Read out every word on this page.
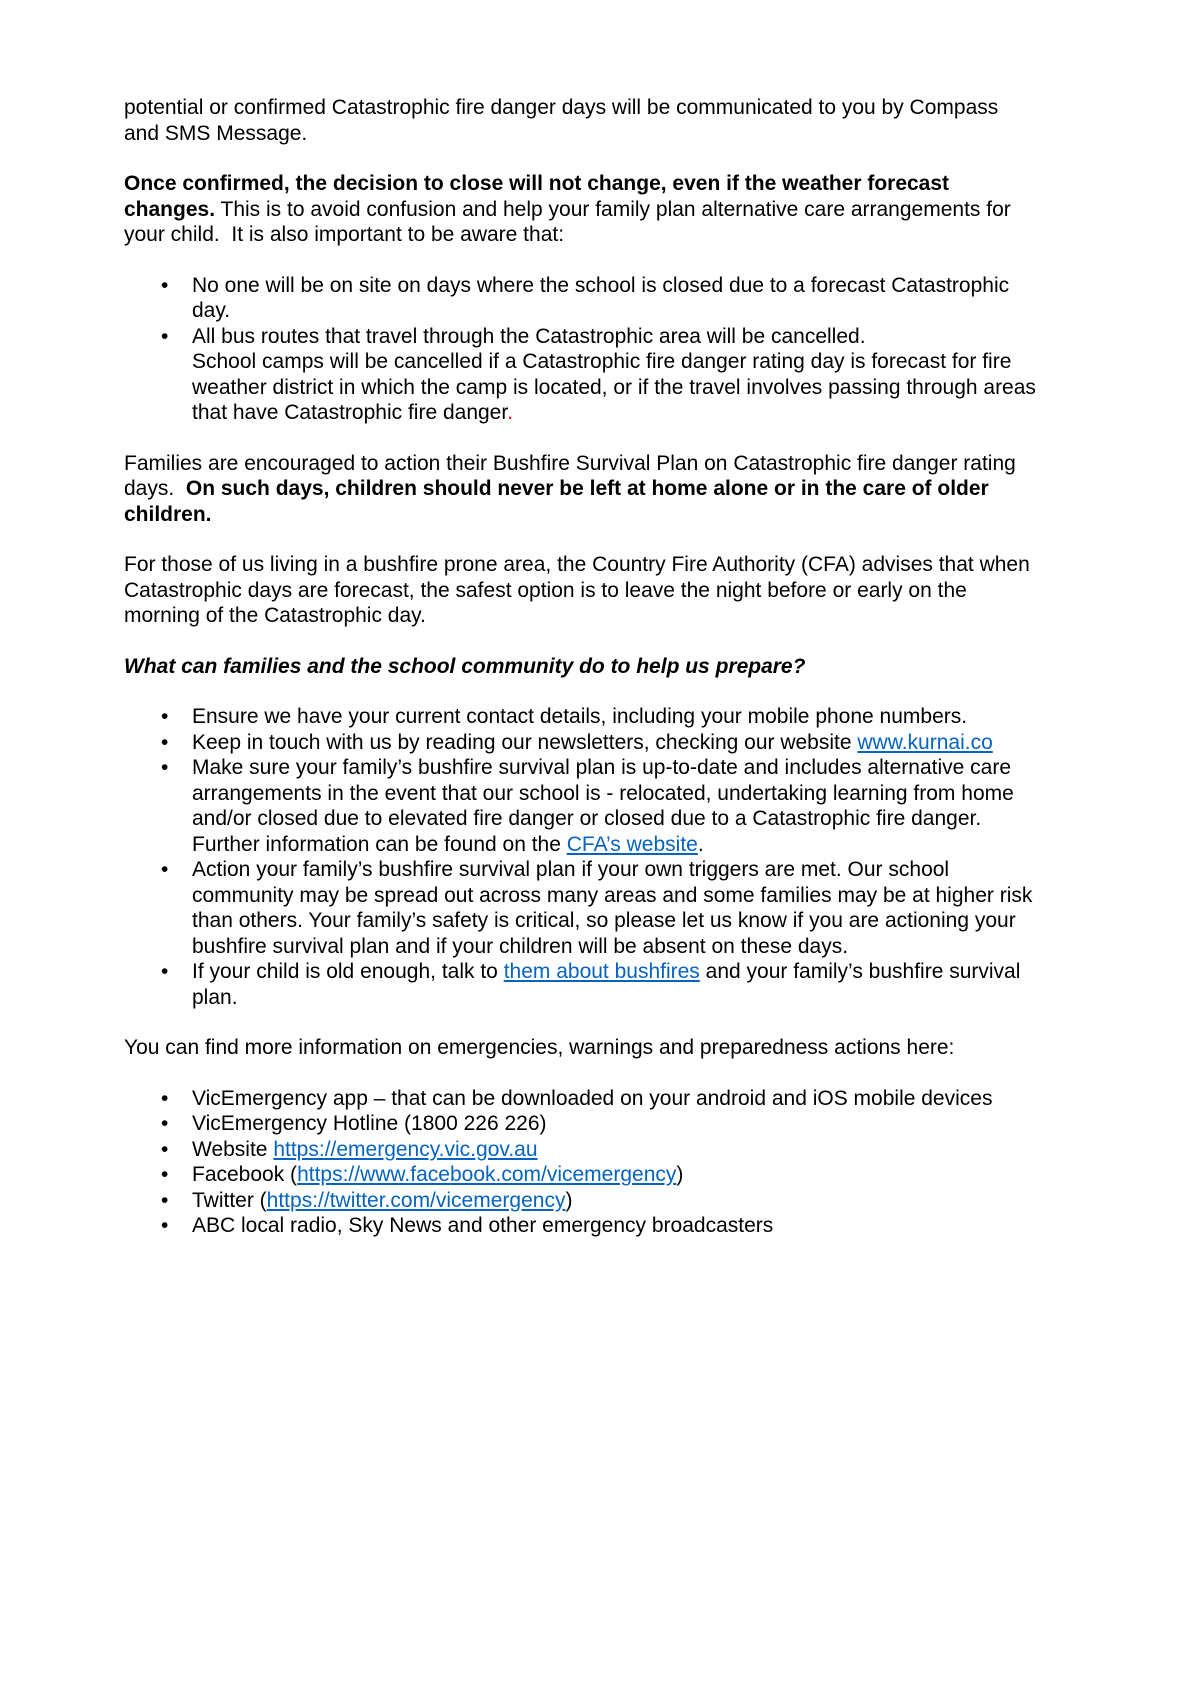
potential or confirmed Catastrophic fire danger days will be communicated to you by Compass and SMS Message.

Once confirmed, the decision to close will not change, even if the weather forecast changes. This is to avoid confusion and help your family plan alternative care arrangements for your child.  It is also important to be aware that:

• No one will be on site on days where the school is closed due to a forecast Catastrophic day.
• All bus routes that travel through the Catastrophic area will be cancelled.
School camps will be cancelled if a Catastrophic fire danger rating day is forecast for fire weather district in which the camp is located, or if the travel involves passing through areas that have Catastrophic fire danger.

Families are encouraged to action their Bushfire Survival Plan on Catastrophic fire danger rating days.  On such days, children should never be left at home alone or in the care of older children.

For those of us living in a bushfire prone area, the Country Fire Authority (CFA) advises that when Catastrophic days are forecast, the safest option is to leave the night before or early on the morning of the Catastrophic day.

What can families and the school community do to help us prepare?

• Ensure we have your current contact details, including your mobile phone numbers.
• Keep in touch with us by reading our newsletters, checking our website www.kurnai.co
• Make sure your family’s bushfire survival plan is up-to-date and includes alternative care arrangements in the event that our school is - relocated, undertaking learning from home and/or closed due to elevated fire danger or closed due to a Catastrophic fire danger. Further information can be found on the CFA’s website.
• Action your family’s bushfire survival plan if your own triggers are met. Our school community may be spread out across many areas and some families may be at higher risk than others. Your family’s safety is critical, so please let us know if you are actioning your bushfire survival plan and if your children will be absent on these days.
• If your child is old enough, talk to them about bushfires and your family’s bushfire survival plan.

You can find more information on emergencies, warnings and preparedness actions here:

• VicEmergency app – that can be downloaded on your android and iOS mobile devices
• VicEmergency Hotline (1800 226 226)
• Website https://emergency.vic.gov.au
• Facebook (https://www.facebook.com/vicemergency)
• Twitter (https://twitter.com/vicemergency)
• ABC local radio, Sky News and other emergency broadcasters
